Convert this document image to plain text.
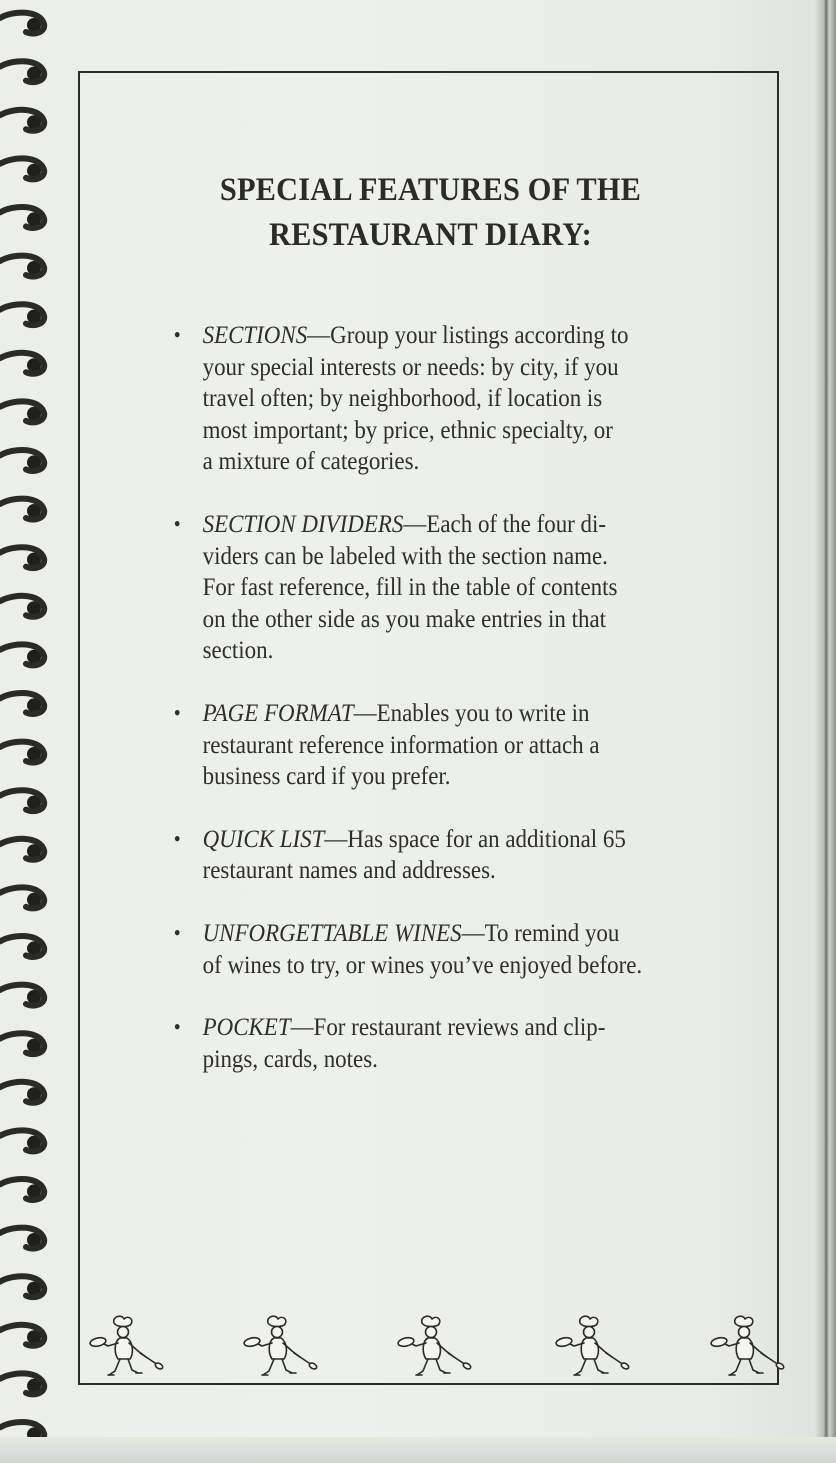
SPECIAL FEATURES OF THE
RESTAURANT DIARY:
• SECTIONS—Group your listings according to
your special interests or needs: by city, if you
travel often; by neighborhood, if location is
most important; by price, ethnic specialty, or
a mixture of categories.
• SECTION DIVIDERS—Each of the four di-
viders can be labeled with the section name.
For fast reference, fill in the table of contents
on the other side as you make entries in that
section.
• PAGE FORMAT—Enables you to write in
restaurant reference information or attach a
business card if you prefer.
• QUICK LIST—Has space for an additional 65
restaurant names and addresses.
• UNFORGETTABLE WINES—To remind you
of wines to try, or wines you’ve enjoyed before.
• POCKET—For restaurant reviews and clip-
pings, cards, notes.
